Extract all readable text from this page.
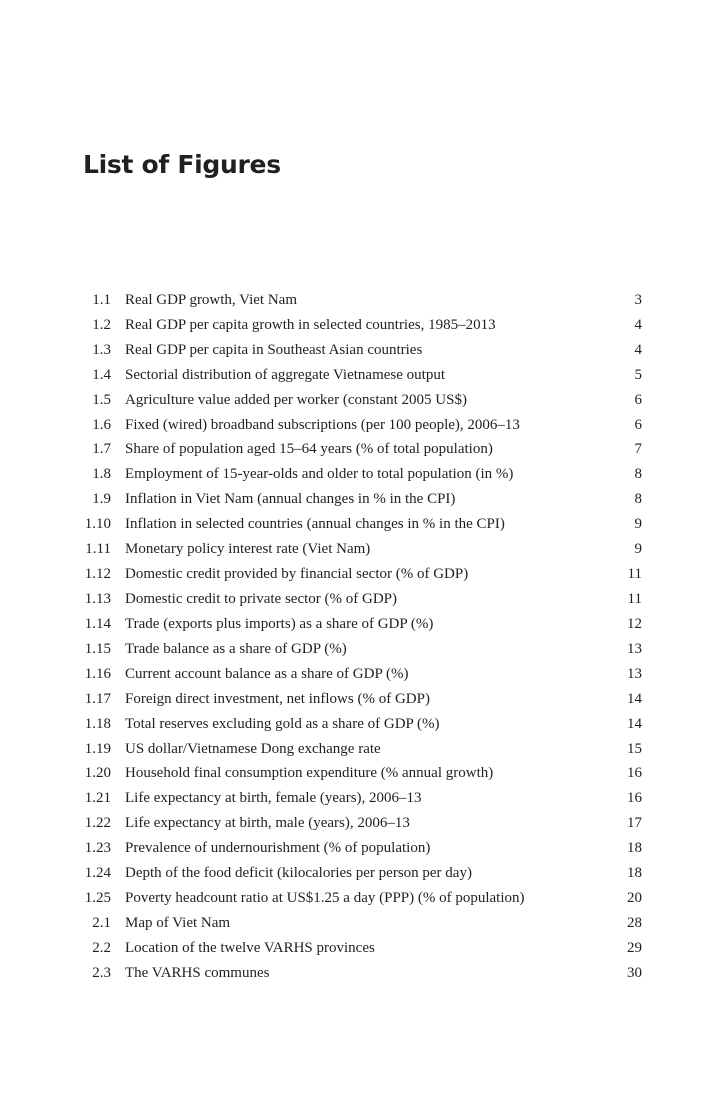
List of Figures
1.1 Real GDP growth, Viet Nam	3
1.2 Real GDP per capita growth in selected countries, 1985–2013	4
1.3 Real GDP per capita in Southeast Asian countries	4
1.4 Sectorial distribution of aggregate Vietnamese output	5
1.5 Agriculture value added per worker (constant 2005 US$)	6
1.6 Fixed (wired) broadband subscriptions (per 100 people), 2006–13	6
1.7 Share of population aged 15–64 years (% of total population)	7
1.8 Employment of 15-year-olds and older to total population (in %)	8
1.9 Inflation in Viet Nam (annual changes in % in the CPI)	8
1.10 Inflation in selected countries (annual changes in % in the CPI)	9
1.11 Monetary policy interest rate (Viet Nam)	9
1.12 Domestic credit provided by financial sector (% of GDP)	11
1.13 Domestic credit to private sector (% of GDP)	11
1.14 Trade (exports plus imports) as a share of GDP (%)	12
1.15 Trade balance as a share of GDP (%)	13
1.16 Current account balance as a share of GDP (%)	13
1.17 Foreign direct investment, net inflows (% of GDP)	14
1.18 Total reserves excluding gold as a share of GDP (%)	14
1.19 US dollar/Vietnamese Dong exchange rate	15
1.20 Household final consumption expenditure (% annual growth)	16
1.21 Life expectancy at birth, female (years), 2006–13	16
1.22 Life expectancy at birth, male (years), 2006–13	17
1.23 Prevalence of undernourishment (% of population)	18
1.24 Depth of the food deficit (kilocalories per person per day)	18
1.25 Poverty headcount ratio at US$1.25 a day (PPP) (% of population)	20
2.1 Map of Viet Nam	28
2.2 Location of the twelve VARHS provinces	29
2.3 The VARHS communes	30
